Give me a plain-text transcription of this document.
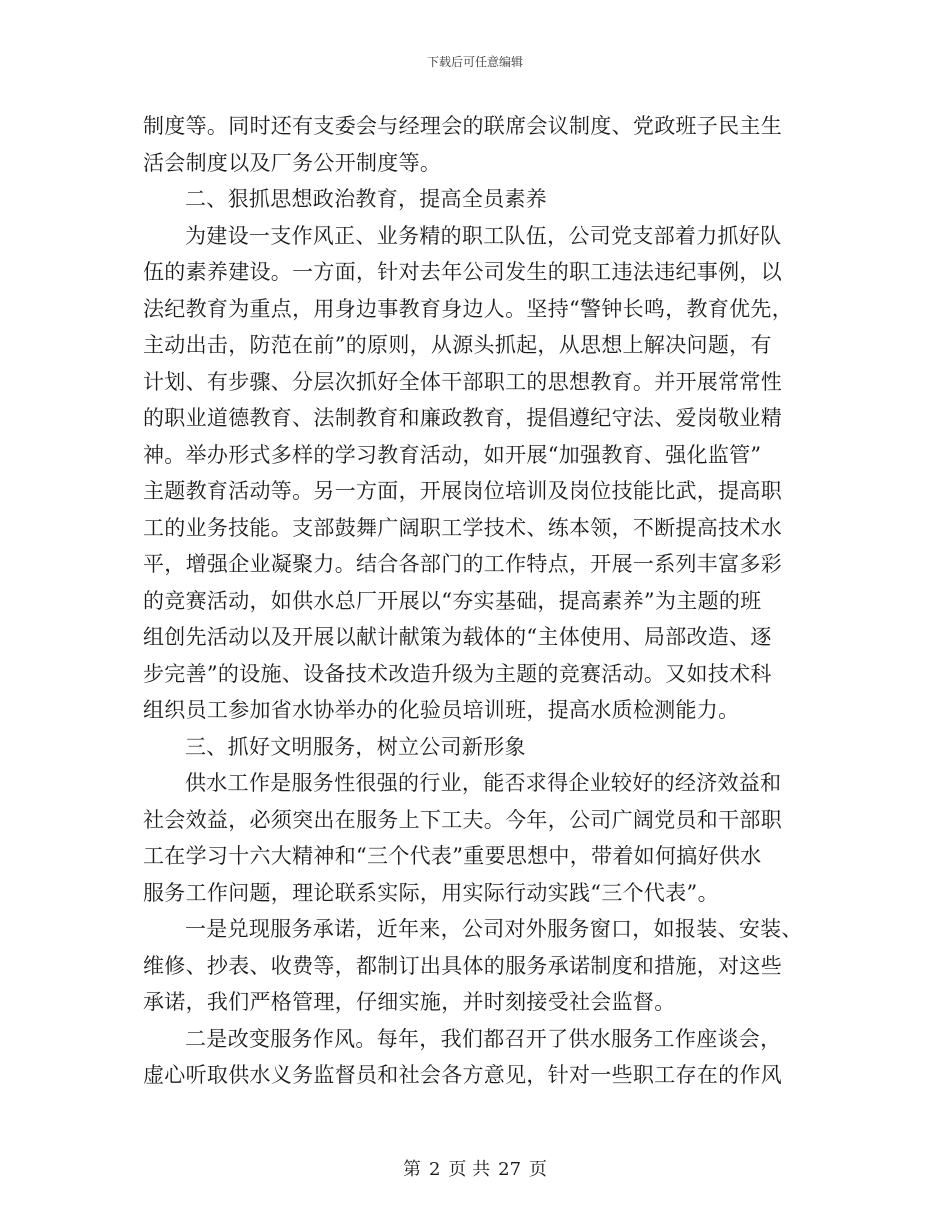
下载后可任意编辑
制度等。同时还有支委会与经理会的联席会议制度、党政班子民主生
活会制度以及厂务公开制度等。
二、狠抓思想政治教育，提高全员素养
为建设一支作风正、业务精的职工队伍，公司党支部着力抓好队
伍的素养建设。一方面，针对去年公司发生的职工违法违纪事例，以
法纪教育为重点，用身边事教育身边人。坚持“警钟长鸣，教育优先，
主动出击，防范在前”的原则，从源头抓起，从思想上解决问题，有
计划、有步骤、分层次抓好全体干部职工的思想教育。并开展常常性
的职业道德教育、法制教育和廉政教育，提倡遵纪守法、爱岗敬业精
神。举办形式多样的学习教育活动，如开展“加强教育、强化监管”
主题教育活动等。另一方面，开展岗位培训及岗位技能比武，提高职
工的业务技能。支部鼓舞广阔职工学技术、练本领，不断提高技术水
平，增强企业凝聚力。结合各部门的工作特点，开展一系列丰富多彩
的竞赛活动，如供水总厂开展以“夯实基础，提高素养”为主题的班
组创先活动以及开展以献计献策为载体的“主体使用、局部改造、逐
步完善”的设施、设备技术改造升级为主题的竞赛活动。又如技术科
组织员工参加省水协举办的化验员培训班，提高水质检测能力。
三、抓好文明服务，树立公司新形象
供水工作是服务性很强的行业，能否求得企业较好的经济效益和
社会效益，必须突出在服务上下工夫。今年，公司广阔党员和干部职
工在学习十六大精神和“三个代表”重要思想中，带着如何搞好供水
服务工作问题，理论联系实际，用实际行动实践“三个代表”。
一是兑现服务承诺，近年来，公司对外服务窗口，如报装、安装、
维修、抄表、收费等，都制订出具体的服务承诺制度和措施，对这些
承诺，我们严格管理，仔细实施，并时刻接受社会监督。
二是改变服务作风。每年，我们都召开了供水服务工作座谈会，
虚心听取供水义务监督员和社会各方意见，针对一些职工存在的作风
第 2 页 共 27 页
